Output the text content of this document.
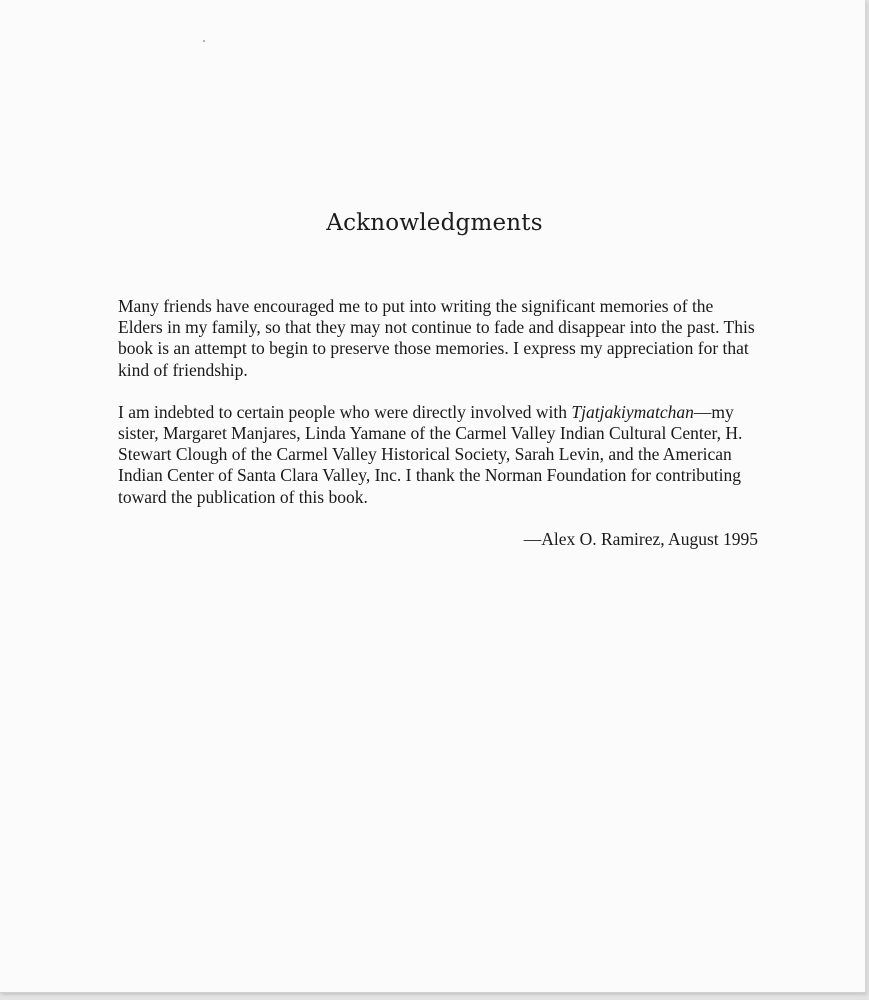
Acknowledgments

Many friends have encouraged me to put into writing the significant memories of the Elders in my family, so that they may not continue to fade and disappear into the past. This book is an attempt to begin to preserve those memories. I express my appreciation for that kind of friendship.

I am indebted to certain people who were directly involved with Tjatjakiymatchan—my sister, Margaret Manjares, Linda Yamane of the Carmel Valley Indian Cultural Center, H. Stewart Clough of the Carmel Valley Historical Society, Sarah Levin, and the American Indian Center of Santa Clara Valley, Inc. I thank the Norman Foundation for contributing toward the publication of this book.

—Alex O. Ramirez, August 1995
